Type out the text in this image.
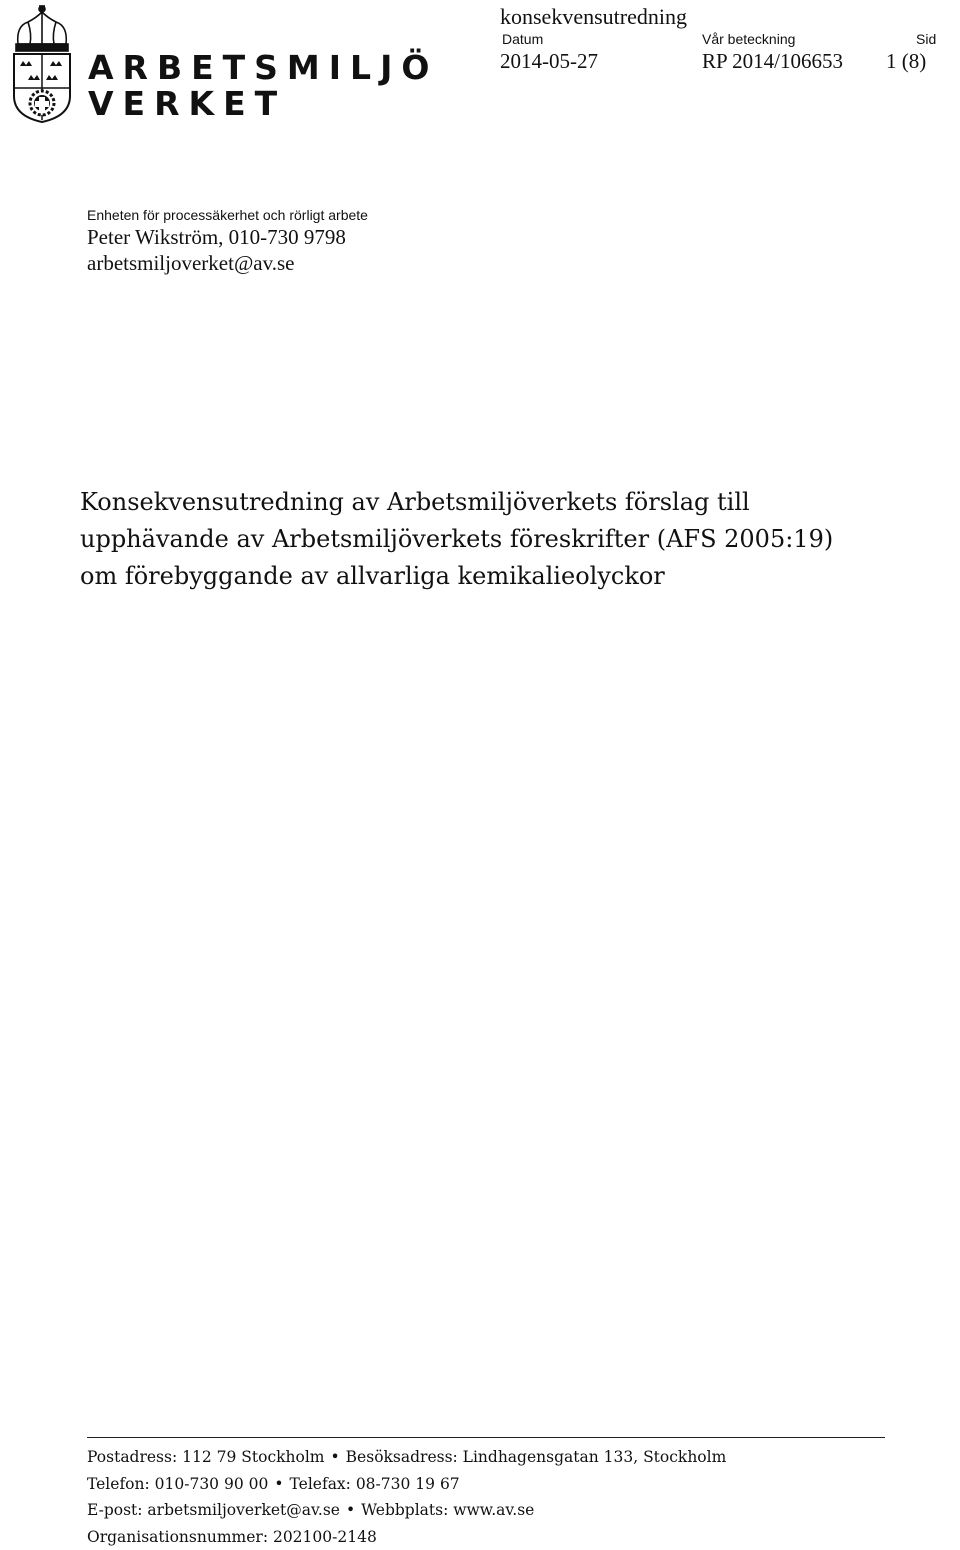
ARBETSMILJÖ
VERKET
konsekvensutredning
Datum	Vår beteckning	Sid
2014-05-27	RP 2014/106653 1 (8)
Enheten för processäkerhet och rörligt arbete
Peter Wikström, 010-730 9798
arbetsmiljoverket@av.se
Konsekvensutredning av Arbetsmiljöverkets förslag till
upphävande av Arbetsmiljöverkets föreskrifter (AFS 2005:19)
om förebyggande av allvarliga kemikalieolyckor
Postadress: 112 79 Stockholm • Besöksadress: Lindhagensgatan 133, Stockholm
Telefon: 010-730 90 00 • Telefax: 08-730 19 67
E-post: arbetsmiljoverket@av.se • Webbplats: www.av.se
Organisationsnummer: 202100-2148
